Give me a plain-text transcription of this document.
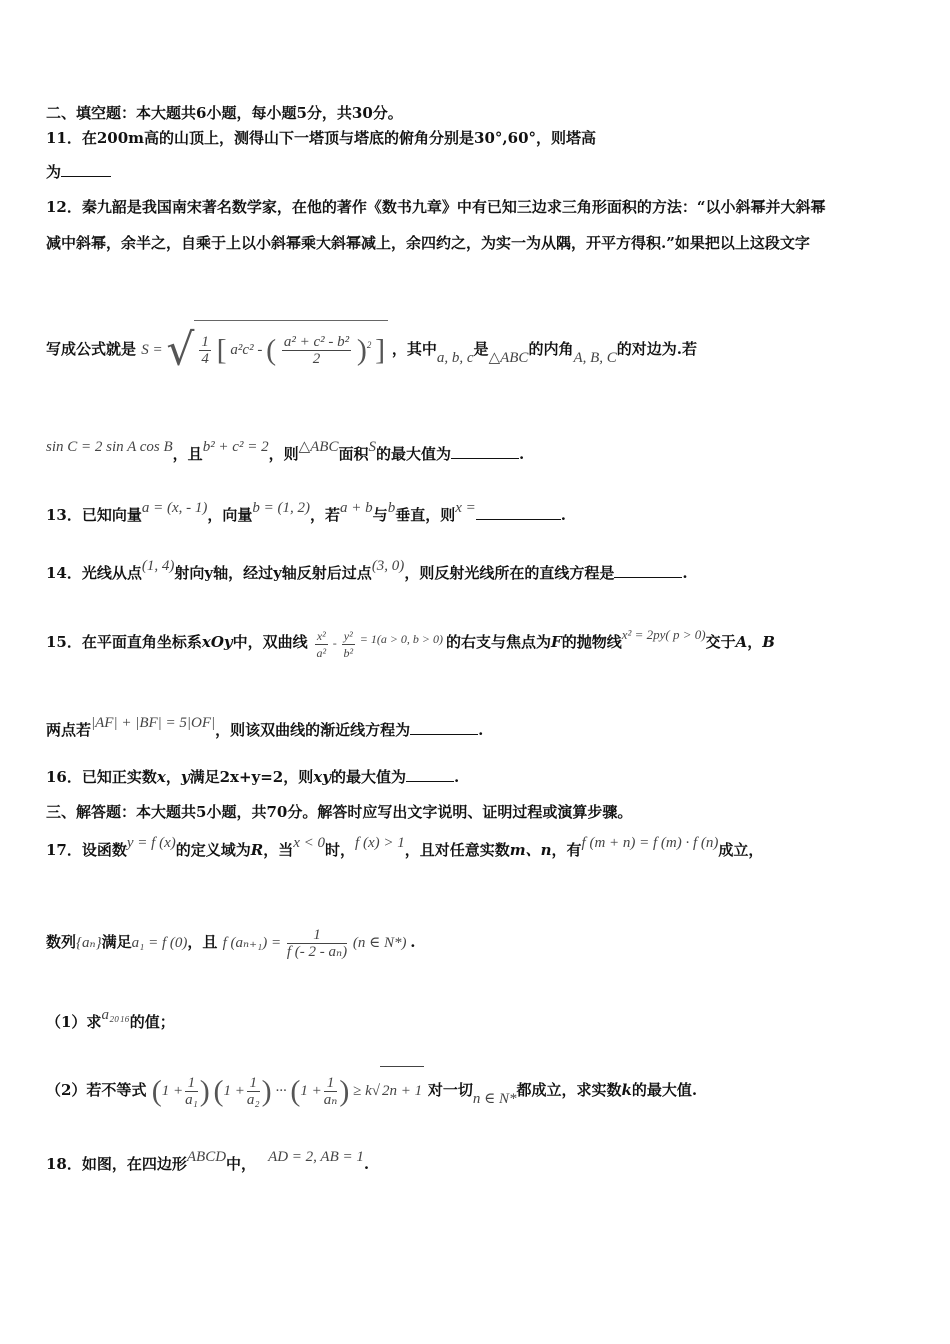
二、填空题：本大题共6小题，每小题5分，共30分。
11．在200m高的山顶上，测得山下一塔顶与塔底的俯角分别是30°,60°，则塔高
为
12．秦九韶是我国南宋著名数学家，在他的著作《数书九章》中有已知三边求三角形面积的方法：“以小斜幂并大斜幂
减中斜幂，余半之，自乘于上以小斜幂乘大斜幂减上，余四约之，为实一为从隅，开平方得积.”如果把以上这段文字
写成公式就是 S = √ $\frac{1}{4}$ [ a²c² - ( $\frac{\text{a² + c² - b²}}{2} )^2$ ] ，其中a, b, c是△ABC的内角A, B, C的对边为.若
sin C = 2 sin A cos B，且b² + c² = 2，则△ABC面积S的最大值为	.
13．已知向量a = (x, - 1)，向量b = (1, 2)，若a + b与b垂直，则x =	.
14．光线从点(1, 4)射向y轴，经过y轴反射后过点(3, 0)，则反射光线所在的直线方程是	.
15．在平面直角坐标系xOy中，双曲线 $\frac{\text{x²}}{\text{a²}} - \frac{\text{y²}}{\text{b²}} = 1(a > 0$, b > 0) 的右支与焦点为F的抛物线x² = 2py( p > 0)交于A，B
两点若|AF| + |BF| = 5|OF|，则该双曲线的渐近线方程为	.
16．已知正实数x，y满足2x+y=2，则xy的最大值为	.
三、解答题：本大题共5小题，共70分。解答时应写出文字说明、证明过程或演算步骤。
17．设函数y = f (x)的定义域为R，当x < 0时，f (x) > 1，且对任意实数m、n，有f (m + n) = f (m) · f (n)成立，
数列{aₙ}满足a₁ = f (0)，且 f $(a_{n+1}) = \frac{1}{\text{f (- 2 - aₙ)}} (n$ ∈ N*) .
（1）求a₂₀₁₆的值；
（2）若不等式 ($1 + \frac{1}{\text{a₁}}$ ) ($1 + \frac{1}{\text{a₂}}$ ) ··· ($1 + \frac{1}{\text{aₙ}}$ ) ≥ k√ 2n + 1 对一切n ∈ N*都成立，求实数k的最大值.
18．如图，在四边形ABCD中， AD = 2, AB = 1.
